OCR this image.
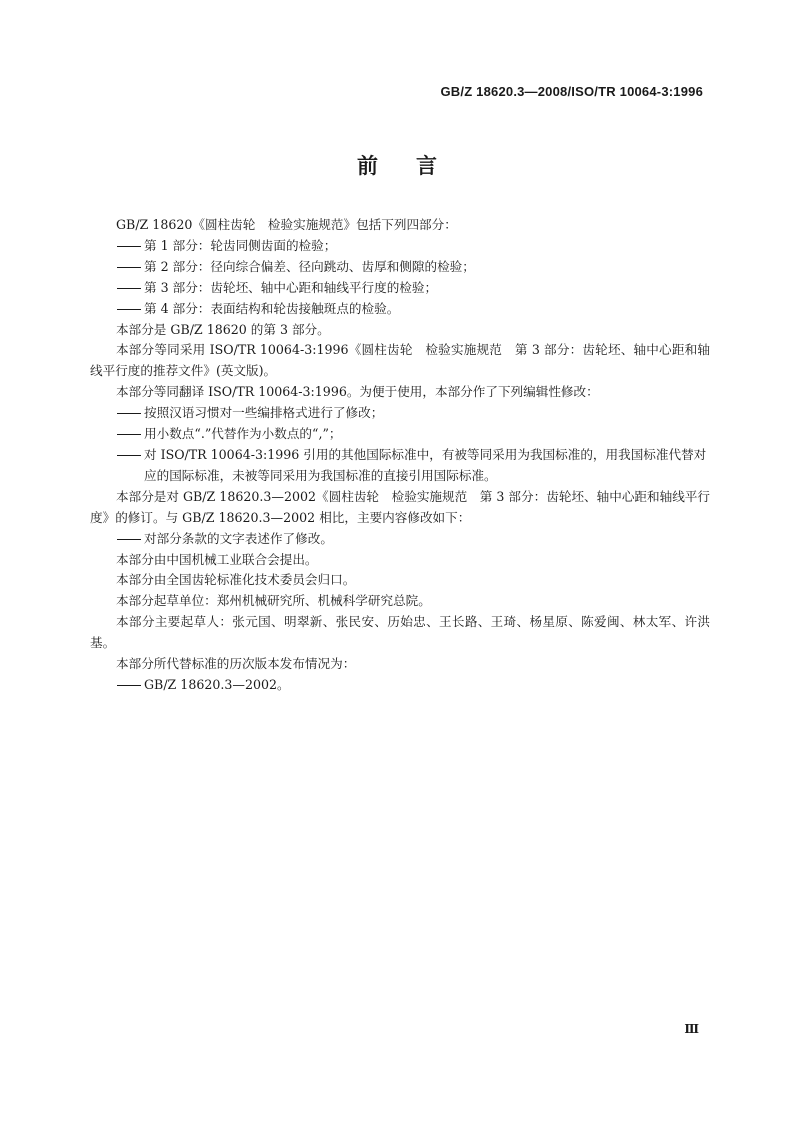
GB/Z 18620.3—2008/ISO/TR 10064-3:1996
前言

GB/Z 18620《圆柱齿轮　检验实施规范》包括下列四部分：

第 1 部分：轮齿同侧齿面的检验；

第 2 部分：径向综合偏差、径向跳动、齿厚和侧隙的检验；

第 3 部分：齿轮坯、轴中心距和轴线平行度的检验；

第 4 部分：表面结构和轮齿接触斑点的检验。

本部分是 GB/Z 18620 的第 3 部分。

本部分等同采用 ISO/TR 10064-3:1996《圆柱齿轮　检验实施规范　第 3 部分：齿轮坯、轴中心距和轴线平行度的推荐文件》(英文版)。

本部分等同翻译 ISO/TR 10064-3:1996。为便于使用，本部分作了下列编辑性修改：

按照汉语习惯对一些编排格式进行了修改；

用小数点“.”代替作为小数点的“,”；

对 ISO/TR 10064-3:1996 引用的其他国际标准中，有被等同采用为我国标准的，用我国标准代替对应的国际标准，未被等同采用为我国标准的直接引用国际标准。

本部分是对 GB/Z 18620.3—2002《圆柱齿轮　检验实施规范　第 3 部分：齿轮坯、轴中心距和轴线平行度》的修订。与 GB/Z 18620.3—2002 相比，主要内容修改如下：

对部分条款的文字表述作了修改。

本部分由中国机械工业联合会提出。

本部分由全国齿轮标准化技术委员会归口。

本部分起草单位：郑州机械研究所、机械科学研究总院。

本部分主要起草人：张元国、明翠新、张民安、历始忠、王长路、王琦、杨星原、陈爱闽、林太军、许洪基。

本部分所代替标准的历次版本发布情况为：

GB/Z 18620.3—2002。

Ⅲ
